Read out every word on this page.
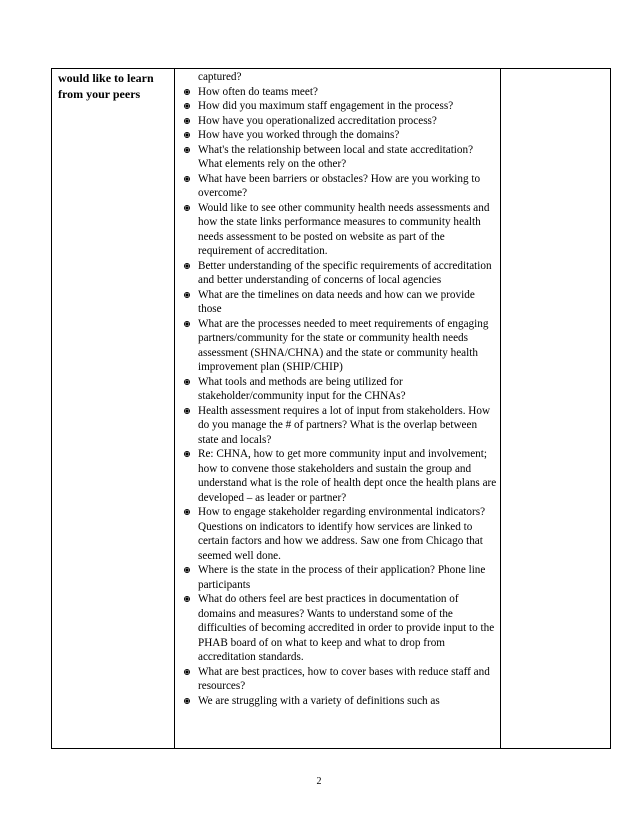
would like to learn
from your peers	
captured?
How often do teams meet?
How did you maximum staff engagement in the process?
How have you operationalized accreditation process?
How have you worked through the domains?
What's the relationship between local and state accreditation? What elements rely on the other?
What have been barriers or obstacles? How are you working to overcome?
Would like to see other community health needs assessments and how the state links performance measures to community health needs assessment to be posted on website as part of the requirement of accreditation.
Better understanding of the specific requirements of accreditation and better understanding of concerns of local agencies
What are the timelines on data needs and how can we provide those
What are the processes needed to meet requirements of engaging partners/community for the state or community health needs assessment (SHNA/CHNA) and the state or community health improvement plan (SHIP/CHIP)
What tools and methods are being utilized for stakeholder/community input for the CHNAs?
Health assessment requires a lot of input from stakeholders. How do you manage the # of partners? What is the overlap between state and locals?
Re: CHNA, how to get more community input and involvement; how to convene those stakeholders and sustain the group and understand what is the role of health dept once the health plans are developed – as leader or partner?
How to engage stakeholder regarding environmental indicators? Questions on indicators to identify how services are linked to certain factors and how we address. Saw one from Chicago that seemed well done.
Where is the state in the process of their application? Phone line participants
What do others feel are best practices in documentation of domains and measures? Wants to understand some of the difficulties of becoming accredited in order to provide input to the PHAB board of on what to keep and what to drop from accreditation standards.
What are best practices, how to cover bases with reduce staff and resources?
We are struggling with a variety of definitions such as

2
